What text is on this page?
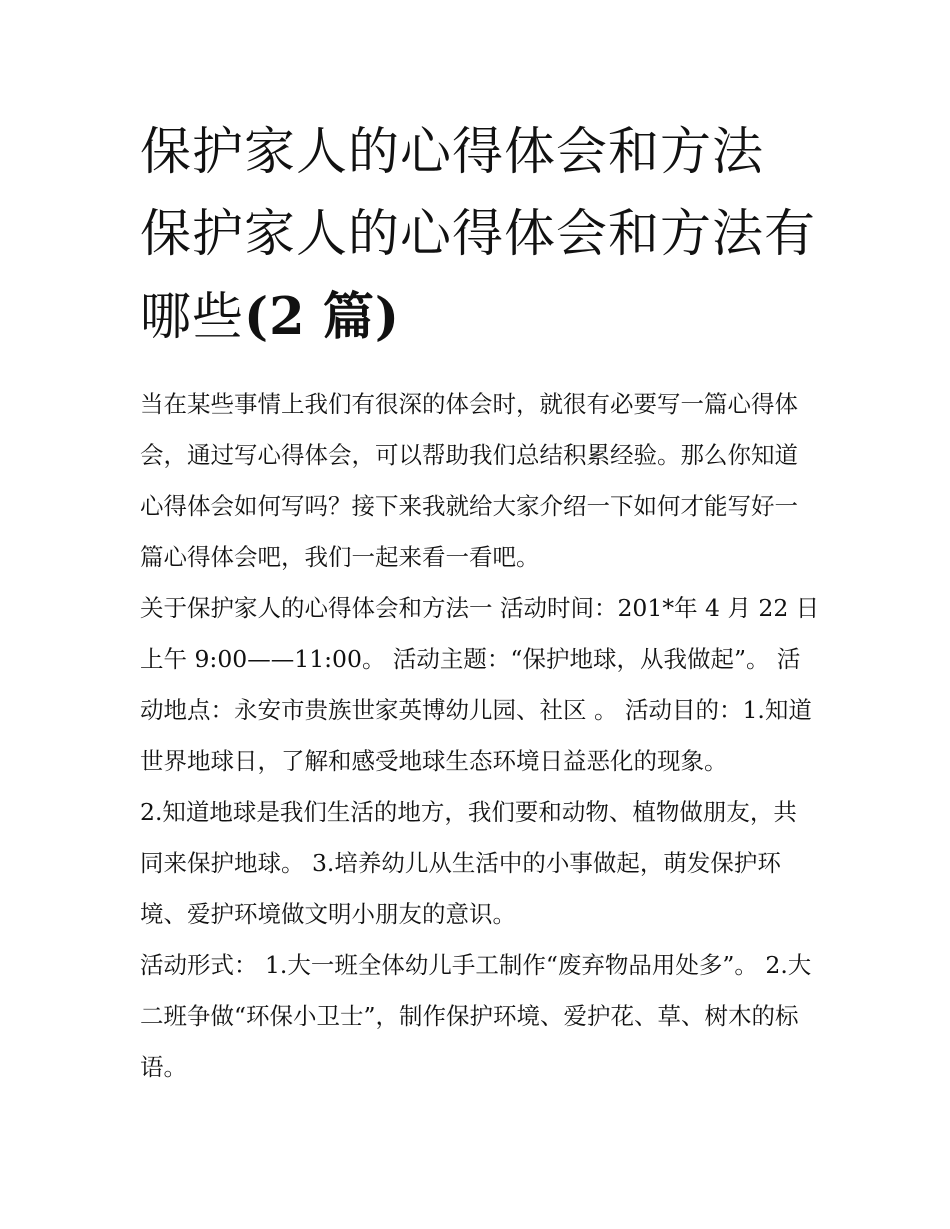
保护家人的心得体会和方法 保护家人的心得体会和方法有哪些(2 篇)

当在某些事情上我们有很深的体会时，就很有必要写一篇心得体会，通过写心得体会，可以帮助我们总结积累经验。那么你知道心得体会如何写吗？接下来我就给大家介绍一下如何才能写好一篇心得体会吧，我们一起来看一看吧。

关于保护家人的心得体会和方法一 活动时间：201*年 4 月 22 日上午 9:00——11:00。 活动主题：“保护地球，从我做起”。 活动地点：永安市贵族世家英博幼儿园、社区 。 活动目的：1.知道世界地球日，了解和感受地球生态环境日益恶化的现象。

2.知道地球是我们生活的地方，我们要和动物、植物做朋友，共同来保护地球。 3.培养幼儿从生活中的小事做起，萌发保护环境、爱护环境做文明小朋友的意识。

活动形式： 1.大一班全体幼儿手工制作“废弃物品用处多”。 2.大二班争做“环保小卫士”，制作保护环境、爱护花、草、树木的标语。
